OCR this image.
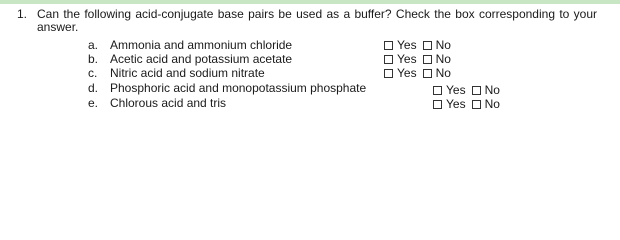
1. Can the following acid-conjugate base pairs be used as a buffer? Check the box corresponding to your answer.
a. Ammonia and ammonium chloride	Yes No
b. Acetic acid and potassium acetate	Yes No
c. Nitric acid and sodium nitrate	Yes No
d. Phosphoric acid and monopotassium phosphate	Yes No
e. Chlorous acid and tris	Yes No
